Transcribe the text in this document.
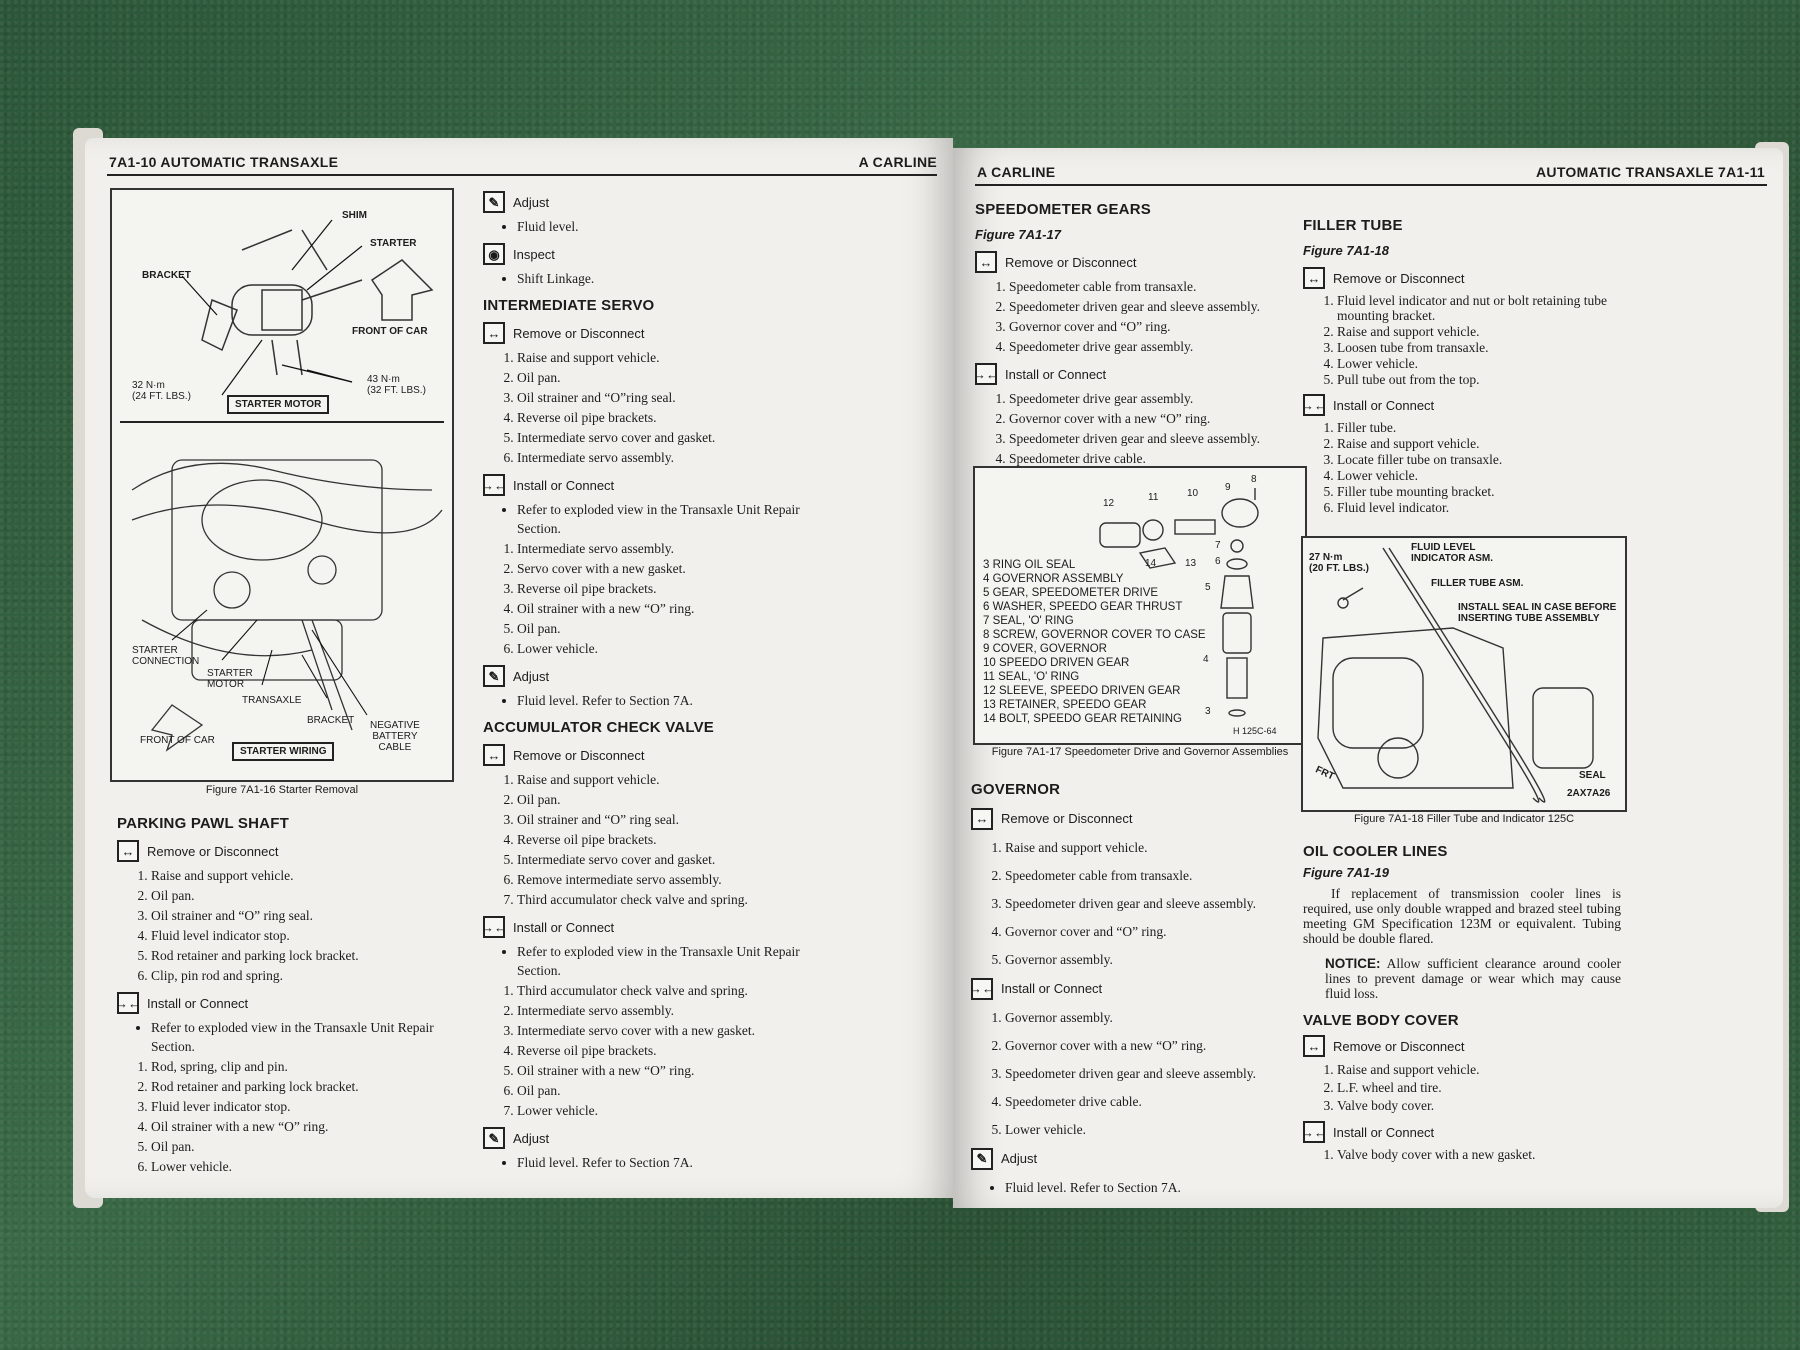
7A1-10 AUTOMATIC TRANSAXLE	A CARLINE
SHIM
STARTER
BRACKET
FRONT OF CAR
32 N·m
(24 FT. LBS.)
43 N·m
(32 FT. LBS.)
STARTER MOTOR
STARTER
CONNECTION
STARTER
MOTOR
TRANSAXLE
BRACKET NEGATIVE
BATTERY
CABLE
FRONT OF CAR
STARTER WIRING
Figure 7A1-16 Starter Removal
PARKING PAWL SHAFT
↔ Remove or Disconnect
1. Raise and support vehicle.
2. Oil pan.
3. Oil strainer and “O” ring seal.
4. Fluid level indicator stop.
5. Rod retainer and parking lock bracket.
6. Clip, pin rod and spring.
→← Install or Connect
• Refer to exploded view in the Transaxle Unit Repair Section.
1. Rod, spring, clip and pin.
2. Rod retainer and parking lock bracket.
3. Fluid lever indicator stop.
4. Oil strainer with a new “O” ring.
5. Oil pan.
6. Lower vehicle.
✎	Adjust
• Fluid level.
◉	Inspect
• Shift Linkage.
INTERMEDIATE SERVO
↔ Remove or Disconnect
1. Raise and support vehicle.
2. Oil pan.
3. Oil strainer and “O”ring seal.
4. Reverse oil pipe brackets.
5. Intermediate servo cover and gasket.
6. Intermediate servo assembly.
→← Install or Connect
• Refer to exploded view in the Transaxle Unit Repair Section.
1. Intermediate servo assembly.
2. Servo cover with a new gasket.
3. Reverse oil pipe brackets.
4. Oil strainer with a new “O” ring.
5. Oil pan.
6. Lower vehicle.
✎	Adjust
• Fluid level. Refer to Section 7A.
ACCUMULATOR CHECK VALVE
↔ Remove or Disconnect
1. Raise and support vehicle.
2. Oil pan.
3. Oil strainer and “O” ring seal.
4. Reverse oil pipe brackets.
5. Intermediate servo cover and gasket.
6. Remove intermediate servo assembly.
7. Third accumulator check valve and spring.
→← Install or Connect
• Refer to exploded view in the Transaxle Unit Repair Section.
1. Third accumulator check valve and spring.
2. Intermediate servo assembly.
3. Intermediate servo cover with a new gasket.
4. Reverse oil pipe brackets.
5. Oil strainer with a new “O” ring.
6. Oil pan.
7. Lower vehicle.
✎	Adjust
• Fluid level. Refer to Section 7A.
A CARLINE	AUTOMATIC TRANSAXLE 7A1-11
SPEEDOMETER GEARS
Figure 7A1-17
↔ Remove or Disconnect
1. Speedometer cable from transaxle.
2. Speedometer driven gear and sleeve assembly.
3. Governor cover and “O” ring.
4. Speedometer drive gear assembly.
→← Install or Connect
1. Speedometer drive gear assembly.
2. Governor cover with a new “O” ring.
3. Speedometer driven gear and sleeve assembly.
4. Speedometer drive cable.
12
11	10
9
8
7
6
5
4
3
14	13
3 RING OIL SEAL
4 GOVERNOR ASSEMBLY
5 GEAR, SPEEDOMETER DRIVE
6 WASHER, SPEEDO GEAR THRUST
7 SEAL, 'O' RING
8 SCREW, GOVERNOR COVER TO CASE
9 COVER, GOVERNOR
10 SPEEDO DRIVEN GEAR
11 SEAL, 'O' RING
12 SLEEVE, SPEEDO DRIVEN GEAR
13 RETAINER, SPEEDO GEAR
14 BOLT, SPEEDO GEAR RETAINING
H 125C-64
Figure 7A1-17 Speedometer Drive and Governor Assemblies
GOVERNOR
↔ Remove or Disconnect
1. Raise and support vehicle.
2. Speedometer cable from transaxle.
3. Speedometer driven gear and sleeve assembly.
4. Governor cover and “O” ring.
5. Governor assembly.
→← Install or Connect
1. Governor assembly.
2. Governor cover with a new “O” ring.
3. Speedometer driven gear and sleeve assembly.
4. Speedometer drive cable.
5. Lower vehicle.
✎	Adjust
• Fluid level. Refer to Section 7A.
FILLER TUBE
Figure 7A1-18
↔ Remove or Disconnect
1. Fluid level indicator and nut or bolt retaining tube mounting bracket.
2. Raise and support vehicle.
3. Loosen tube from transaxle.
4. Lower vehicle.
5. Pull tube out from the top.
→← Install or Connect
1. Filler tube.
2. Raise and support vehicle.
3. Locate filler tube on transaxle.
4. Lower vehicle.
5. Filler tube mounting bracket.
6. Fluid level indicator.
27 N·m
(20 FT. LBS.)
FLUID LEVEL
INDICATOR ASM.
FILLER TUBE ASM.
INSTALL SEAL IN CASE BEFORE
INSERTING TUBE ASSEMBLY
SEAL
2AX7A26
FRT
Figure 7A1-18 Filler Tube and Indicator 125C
OIL COOLER LINES
Figure 7A1-19

If replacement of transmission cooler lines is required, use only double wrapped and brazed steel tubing meeting GM Specification 123M or equivalent. Tubing should be double flared.

NOTICE: Allow sufficient clearance around cooler lines to prevent damage or wear which may cause fluid loss.

VALVE BODY COVER
↔ Remove or Disconnect
1. Raise and support vehicle.
2. L.F. wheel and tire.
3. Valve body cover.
→← Install or Connect
1. Valve body cover with a new gasket.
